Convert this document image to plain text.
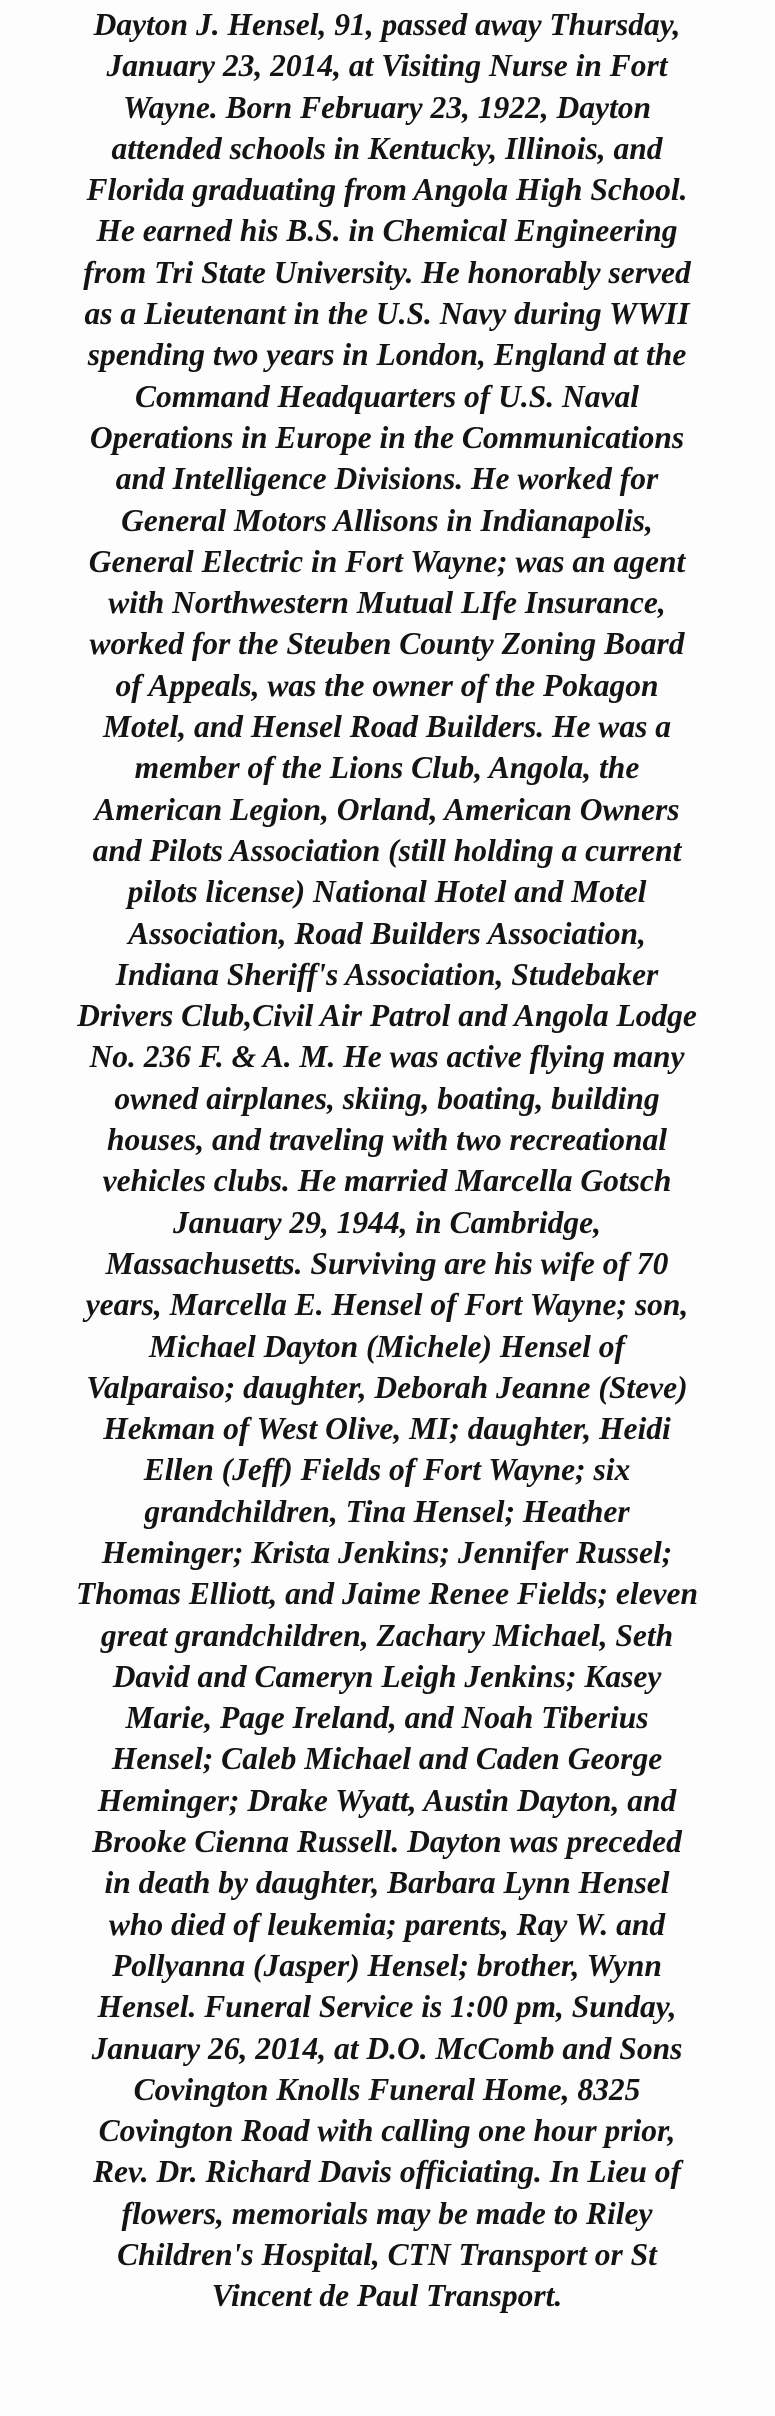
Dayton J. Hensel, 91, passed away Thursday,
January 23, 2014, at Visiting Nurse in Fort
Wayne. Born February 23, 1922, Dayton
attended schools in Kentucky, Illinois, and
Florida graduating from Angola High School.
He earned his B.S. in Chemical Engineering
from Tri State University. He honorably served
as a Lieutenant in the U.S. Navy during WWII
spending two years in London, England at the
Command Headquarters of U.S. Naval
Operations in Europe in the Communications
and Intelligence Divisions. He worked for
General Motors Allisons in Indianapolis,
General Electric in Fort Wayne; was an agent
with Northwestern Mutual LIfe Insurance,
worked for the Steuben County Zoning Board
of Appeals, was the owner of the Pokagon
Motel, and Hensel Road Builders. He was a
member of the Lions Club, Angola, the
American Legion, Orland, American Owners
and Pilots Association (still holding a current
pilots license) National Hotel and Motel
Association, Road Builders Association,
Indiana Sheriff's Association, Studebaker
Drivers Club,Civil Air Patrol and Angola Lodge
No. 236 F. & A. M. He was active flying many
owned airplanes, skiing, boating, building
houses, and traveling with two recreational
vehicles clubs. He married Marcella Gotsch
January 29, 1944, in Cambridge,
Massachusetts. Surviving are his wife of 70
years, Marcella E. Hensel of Fort Wayne; son,
Michael Dayton (Michele) Hensel of
Valparaiso; daughter, Deborah Jeanne (Steve)
Hekman of West Olive, MI; daughter, Heidi
Ellen (Jeff) Fields of Fort Wayne; six
grandchildren, Tina Hensel; Heather
Heminger; Krista Jenkins; Jennifer Russel;
Thomas Elliott, and Jaime Renee Fields; eleven
great grandchildren, Zachary Michael, Seth
David and Cameryn Leigh Jenkins; Kasey
Marie, Page Ireland, and Noah Tiberius
Hensel; Caleb Michael and Caden George
Heminger; Drake Wyatt, Austin Dayton, and
Brooke Cienna Russell. Dayton was preceded
in death by daughter, Barbara Lynn Hensel
who died of leukemia; parents, Ray W. and
Pollyanna (Jasper) Hensel; brother, Wynn
Hensel. Funeral Service is 1:00 pm, Sunday,
January 26, 2014, at D.O. McComb and Sons
Covington Knolls Funeral Home, 8325
Covington Road with calling one hour prior,
Rev. Dr. Richard Davis officiating. In Lieu of
flowers, memorials may be made to Riley
Children's Hospital, CTN Transport or St
Vincent de Paul Transport.
